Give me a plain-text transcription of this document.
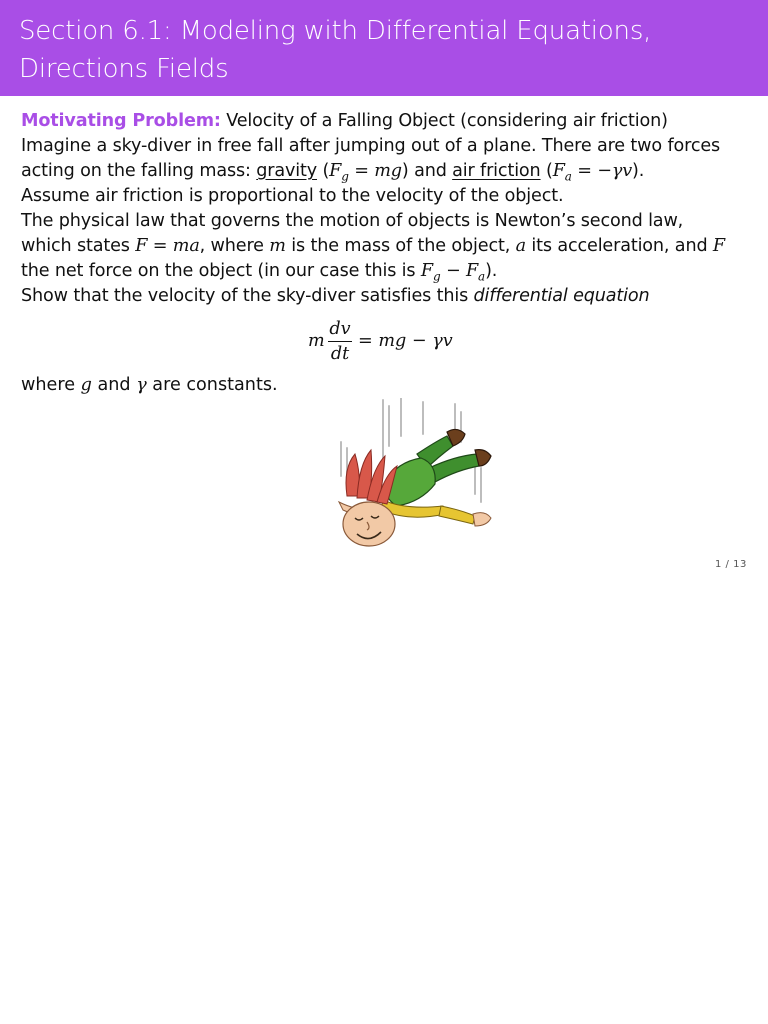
Section 6.1: Modeling with Differential Equations,
Directions Fields
Motivating Problem: Velocity of a Falling Object (considering air friction)
Imagine a sky-diver in free fall after jumping out of a plane. There are two forces
acting on the falling mass: gravity $(F_g = mg)$ and air friction $(F_a = -\gamma v)$.
Assume air friction is proportional to the velocity of the object.
The physical law that governs the motion of objects is Newton’s second law,
which states F = ma, where m is the mass of the object, a its acceleration, and F
the net force on the object (in our case this is $F_g - F_a$).
Show that the velocity of the sky-diver satisfies this differential equation
m
dv
dt
= mg − γv
where g and γ are constants.
1 / 13
